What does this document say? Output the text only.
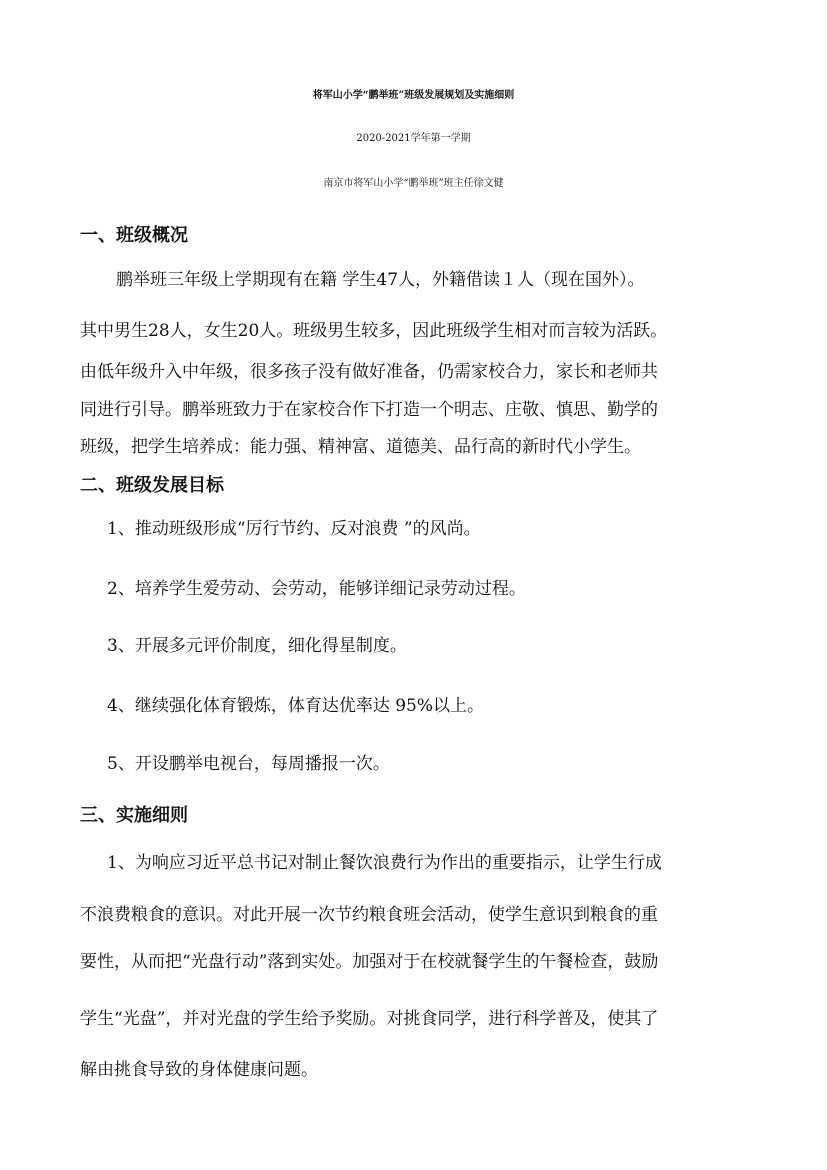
将军山小学“鹏举班”班级发展规划及实施细则
2020-2021学年第一学期
南京市将军山小学“鹏举班”班主任徐文健
一、班级概况
鹏举班三年级上学期现有在籍 学生47人，外籍借读１人（现在国外）。
其中男生28人，女生20人。班级男生较多，因此班级学生相对而言较为活跃。
由低年级升入中年级，很多孩子没有做好准备，仍需家校合力，家长和老师共
同进行引导。鹏举班致力于在家校合作下打造一个明志、庄敬、慎思、勤学的
班级，把学生培养成：能力强、精神富、道德美、品行高的新时代小学生。
二、班级发展目标
1、推动班级形成“厉行节约、反对浪费 ”的风尚。
2、培养学生爱劳动、会劳动，能够详细记录劳动过程。
3、开展多元评价制度，细化得星制度。
4、继续强化体育锻炼，体育达优率达 95%以上。
5、开设鹏举电视台，每周播报一次。
三、实施细则
1、为响应习近平总书记对制止餐饮浪费行为作出的重要指示，让学生行成
不浪费粮食的意识。对此开展一次节约粮食班会活动，使学生意识到粮食的重
要性，从而把“光盘行动”落到实处。加强对于在校就餐学生的午餐检查，鼓励
学生“光盘”，并对光盘的学生给予奖励。对挑食同学，进行科学普及，使其了
解由挑食导致的身体健康问题。
